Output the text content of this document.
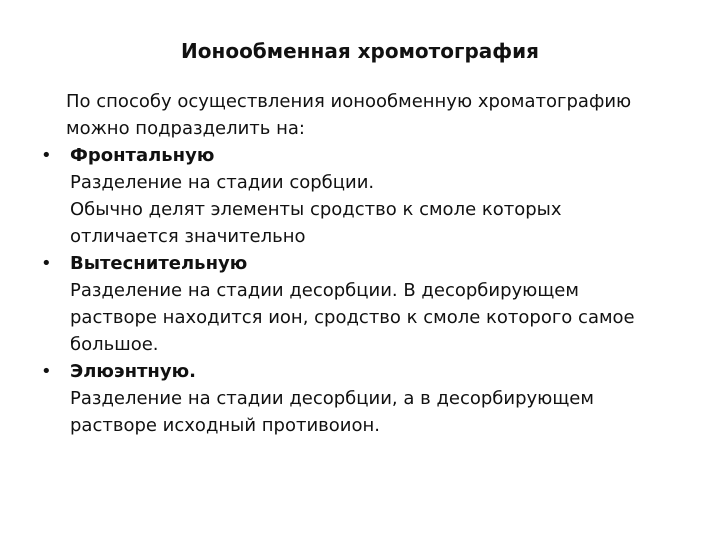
Ионообменная хромотография

По способу осуществления ионообменную хроматографию
можно подразделить на:

•	Фронтальную
Разделение на стадии сорбции.
Обычно делят элементы сродство к смоле которых
отличается значительно
•	Вытеснительную
Разделение на стадии десорбции. В десорбирующем
растворе находится ион, сродство к смоле которого самое
большое.
•	Элюэнтную.
Разделение на стадии десорбции, а в десорбирующем
растворе исходный противоион.
